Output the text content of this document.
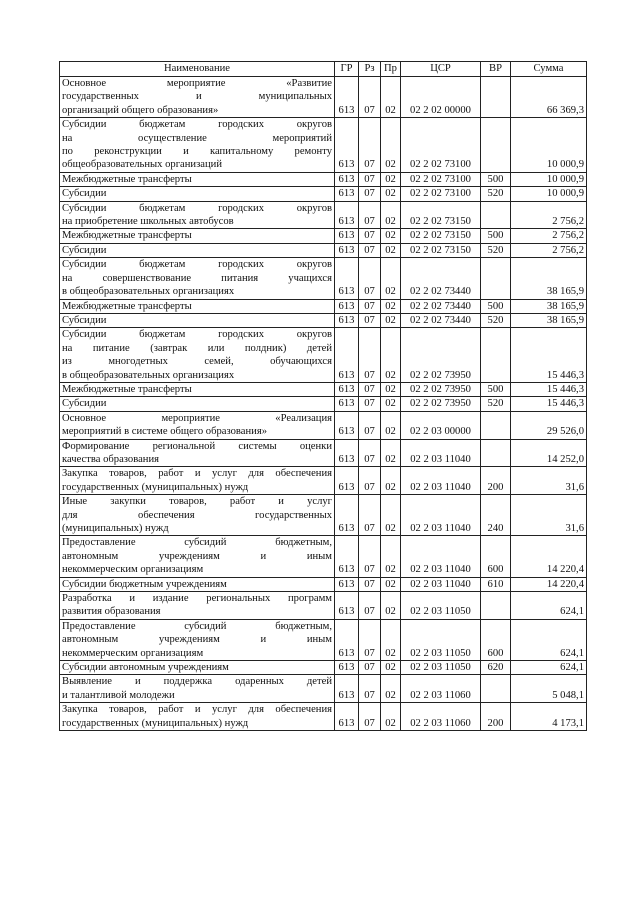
Наименование	ГР	Рз	Пр	ЦСР	ВР	Сумма

Основное мероприятие «Развитие
государственных и муниципальных
организаций общего образования»	613	07	02	02 2 02 00000		66 369,3

Субсидии бюджетам городских округов
на осуществление мероприятий
по реконструкции и капитальному ремонту
общеобразовательных организаций	613	07	02	02 2 02 73100		10 000,9

Межбюджетные трансферты	613	07	02	02 2 02 73100	500	10 000,9

Субсидии	613	07	02	02 2 02 73100	520	10 000,9

Субсидии бюджетам городских округов
на приобретение школьных автобусов	613	07	02	02 2 02 73150		2 756,2

Межбюджетные трансферты	613	07	02	02 2 02 73150	500	2 756,2

Субсидии	613	07	02	02 2 02 73150	520	2 756,2

Субсидии бюджетам городских округов
на совершенствование питания учащихся
в общеобразовательных организациях	613	07	02	02 2 02 73440		38 165,9

Межбюджетные трансферты	613	07	02	02 2 02 73440	500	38 165,9

Субсидии	613	07	02	02 2 02 73440	520	38 165,9

Субсидии бюджетам городских округов
на питание (завтрак или полдник) детей
из многодетных семей, обучающихся
в общеобразовательных организациях	613	07	02	02 2 02 73950		15 446,3

Межбюджетные трансферты	613	07	02	02 2 02 73950	500	15 446,3

Субсидии	613	07	02	02 2 02 73950	520	15 446,3

Основное мероприятие «Реализация
мероприятий в системе общего образования»	613	07	02	02 2 03 00000		29 526,0

Формирование региональной системы оценки
качества образования	613	07	02	02 2 03 11040		14 252,0

Закупка товаров, работ и услуг для обеспечения
государственных (муниципальных) нужд	613	07	02	02 2 03 11040	200	31,6

Иные закупки товаров, работ и услуг
для обеспечения государственных
(муниципальных) нужд	613	07	02	02 2 03 11040	240	31,6

Предоставление субсидий бюджетным,
автономным учреждениям и иным
некоммерческим организациям	613	07	02	02 2 03 11040	600	14 220,4

Субсидии бюджетным учреждениям	613	07	02	02 2 03 11040	610	14 220,4

Разработка и издание региональных программ
развития образования	613	07	02	02 2 03 11050		624,1

Предоставление субсидий бюджетным,
автономным учреждениям и иным
некоммерческим организациям	613	07	02	02 2 03 11050	600	624,1

Субсидии автономным учреждениям	613	07	02	02 2 03 11050	620	624,1

Выявление и поддержка одаренных детей
и талантливой молодежи	613	07	02	02 2 03 11060		5 048,1

Закупка товаров, работ и услуг для обеспечения
государственных (муниципальных) нужд	613	07	02	02 2 03 11060	200	4 173,1
